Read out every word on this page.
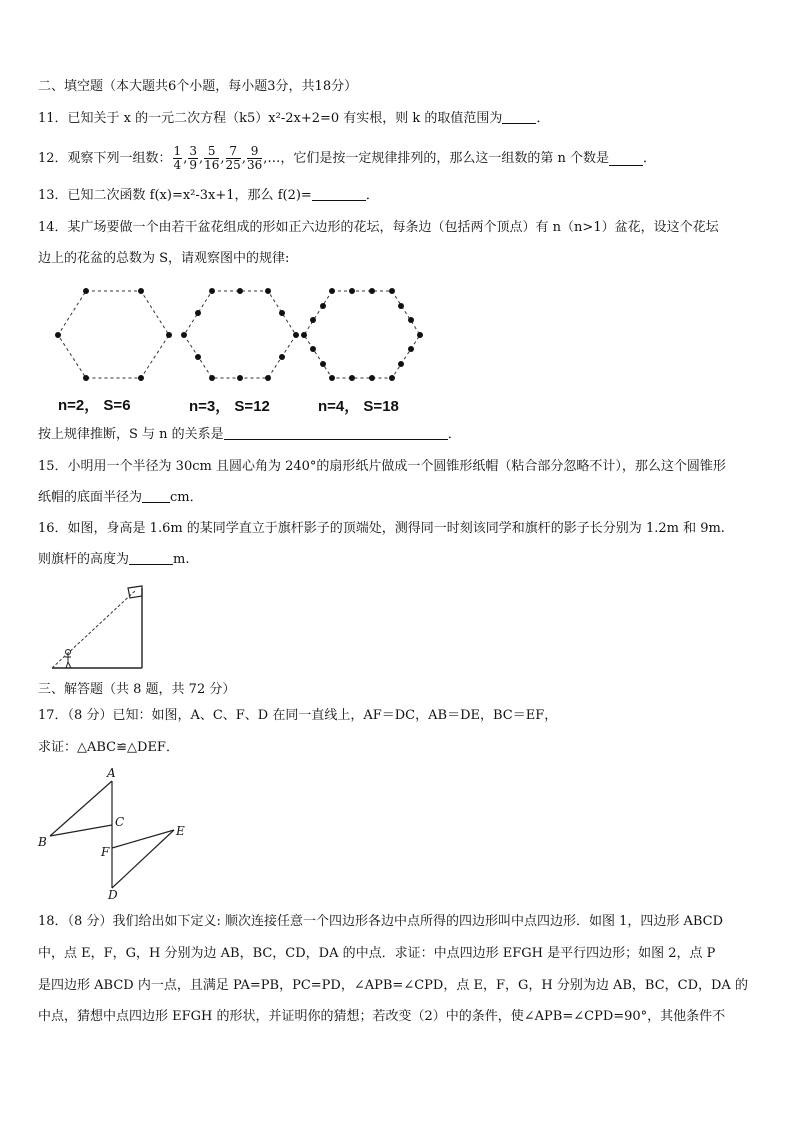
二、填空题（本大题共6个小题，每小题3分，共18分）
11．已知关于 x 的一元二次方程（k5）x²-2x+2=0 有实根，则 k 的取值范围为	．
12．观察下列一组数： $\frac{1}{4}$ , $\frac{3}{9}$ , $\frac{5}{16}$ , $\frac{7}{25}$ , $\frac{9}{36}$ ,…，它们是按一定规律排列的，那么这一组数的第 n 个数是	．
13．已知二次函数 f(x)=x²-3x+1，那么 f(2)=	．
14．某广场要做一个由若干盆花组成的形如正六边形的花坛，每条边（包括两个顶点）有 n（n>1）盆花，设这个花坛
边上的花盆的总数为 S，请观察图中的规律:
n=2， S=6	n=3， S=12	n=4， S=18
按上规律推断，S 与 n 的关系是	．
15．小明用一个半径为 30cm 且圆心角为 240°的扇形纸片做成一个圆锥形纸帽（粘合部分忽略不计），那么这个圆锥形
纸帽的底面半径为 cm．
16．如图，身高是 1.6m 的某同学直立于旗杆影子的顶端处，测得同一时刻该同学和旗杆的影子长分别为 1.2m 和 9m.
则旗杆的高度为	m.
三、解答题（共 8 题，共 72 分）
17．（8 分）已知：如图，A、C、F、D 在同一直线上，AF＝DC，AB＝DE，BC＝EF，
求证：△ABC≌△DEF．
A
B
C
D
E
F
18．（8 分）我们给出如下定义: 顺次连接任意一个四边形各边中点所得的四边形叫中点四边形．如图 1，四边形 ABCD
中，点 E，F，G，H 分别为边 AB，BC，CD，DA 的中点．求证：中点四边形 EFGH 是平行四边形；如图 2，点 P
是四边形 ABCD 内一点，且满足 PA=PB，PC=PD，∠APB=∠CPD，点 E，F，G，H 分别为边 AB，BC，CD，DA 的
中点，猜想中点四边形 EFGH 的形状，并证明你的猜想；若改变（2）中的条件，使∠APB=∠CPD=90°，其他条件不
